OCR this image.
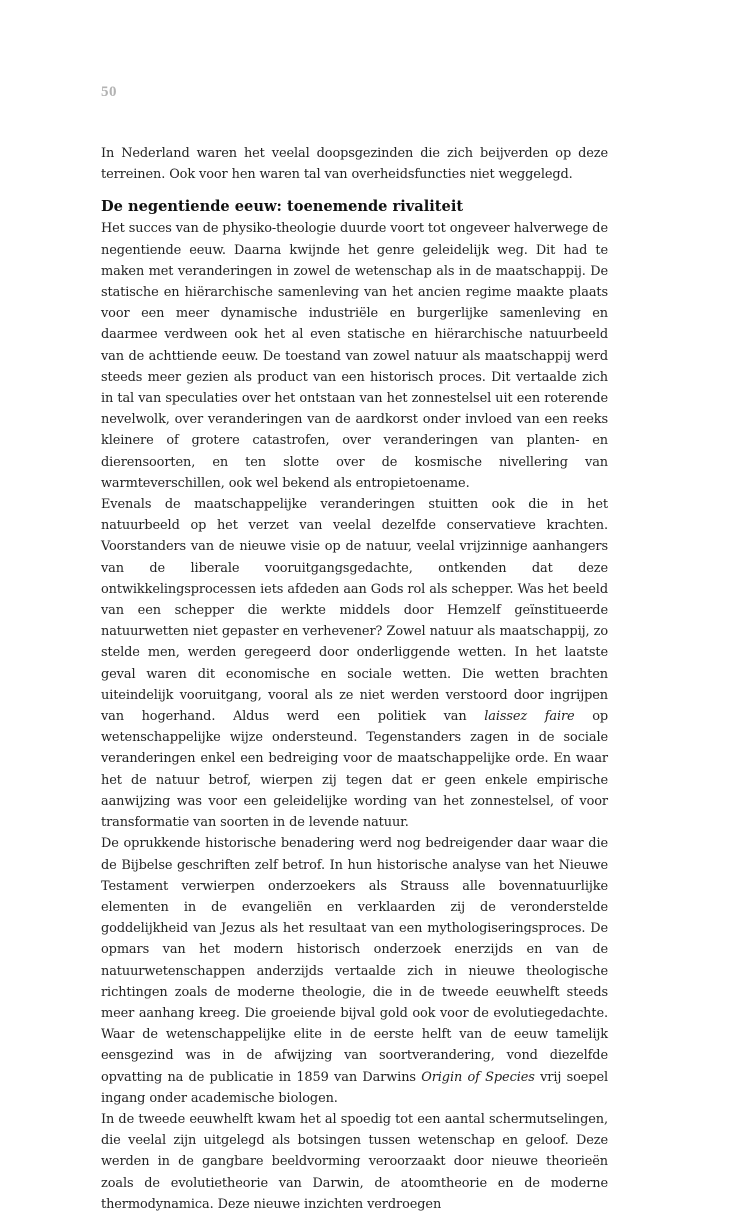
50

In Nederland waren het veelal doopsgezinden die zich beijverden op deze terreinen. Ook voor hen waren tal van overheidsfuncties niet weggelegd.

De negentiende eeuw: toenemende rivaliteit

Het succes van de physiko-theologie duurde voort tot ongeveer halverwege de negentiende eeuw. Daarna kwijnde het genre geleidelijk weg. Dit had te maken met veranderingen in zowel de wetenschap als in de maatschappij. De statische en hiërarchische samenleving van het ancien regime maakte plaats voor een meer dynamische industriële en burgerlijke samenleving en daarmee verdween ook het al even statische en hiërarchische natuurbeeld van de achttiende eeuw. De toestand van zowel natuur als maatschappij werd steeds meer gezien als product van een historisch proces. Dit vertaalde zich in tal van speculaties over het ontstaan van het zonnestelsel uit een roterende nevelwolk, over veranderingen van de aardkorst onder invloed van een reeks kleinere of grotere catastrofen, over veranderingen van planten- en dierensoorten, en ten slotte over de kosmische nivellering van warmteverschillen, ook wel bekend als entropietoename.

Evenals de maatschappelijke veranderingen stuitten ook die in het natuurbeeld op het verzet van veelal dezelfde conservatieve krachten. Voorstanders van de nieuwe visie op de natuur, veelal vrijzinnige aanhangers van de liberale vooruitgangsgedachte, ontkenden dat deze ontwikkelingsprocessen iets afdeden aan Gods rol als schepper. Was het beeld van een schepper die werkte middels door Hemzelf geïnstitueerde natuurwetten niet gepaster en verhevener? Zowel natuur als maatschappij, zo stelde men, werden geregeerd door onderliggende wetten. In het laatste geval waren dit economische en sociale wetten. Die wetten brachten uiteindelijk vooruitgang, vooral als ze niet werden verstoord door ingrijpen van hogerhand. Aldus werd een politiek van laissez faire op wetenschappelijke wijze ondersteund. Tegenstanders zagen in de sociale veranderingen enkel een bedreiging voor de maatschappelijke orde. En waar het de natuur betrof, wierpen zij tegen dat er geen enkele empirische aanwijzing was voor een geleidelijke wording van het zonnestelsel, of voor transformatie van soorten in de levende natuur.

De oprukkende historische benadering werd nog bedreigender daar waar die de Bijbelse geschriften zelf betrof. In hun historische analyse van het Nieuwe Testament verwierpen onderzoekers als Strauss alle bovennatuurlijke elementen in de evangeliën en verklaarden zij de veronderstelde goddelijkheid van Jezus als het resultaat van een mythologiseringsproces. De opmars van het modern historisch onderzoek enerzijds en van de natuurwetenschappen anderzijds vertaalde zich in nieuwe theologische richtingen zoals de moderne theologie, die in de tweede eeuwhelft steeds meer aanhang kreeg. Die groeiende bijval gold ook voor de evolutiegedachte. Waar de wetenschappelijke elite in de eerste helft van de eeuw tamelijk eensgezind was in de afwijzing van soortverandering, vond diezelfde opvatting na de publicatie in 1859 van Darwins Origin of Species vrij soepel ingang onder academische biologen.

In de tweede eeuwhelft kwam het al spoedig tot een aantal schermutselingen, die veelal zijn uitgelegd als botsingen tussen wetenschap en geloof. Deze werden in de gangbare beeldvorming veroorzaakt door nieuwe theorieën zoals de evolutietheorie van Darwin, de atoomtheorie en de moderne thermodynamica. Deze nieuwe inzichten verdroegen
